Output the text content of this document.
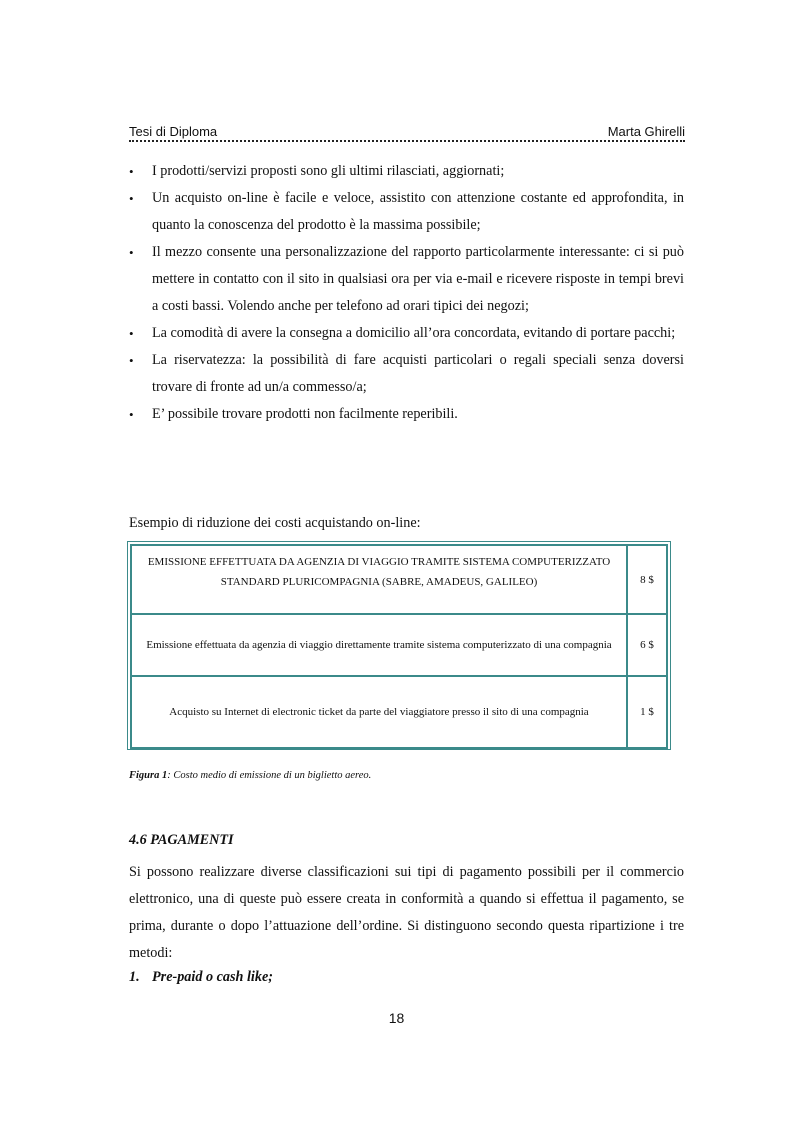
Tesi di Diploma	Marta Ghirelli
• I prodotti/servizi proposti sono gli ultimi rilasciati, aggiornati;
• Un acquisto on-line è facile e veloce, assistito con attenzione costante ed approfondita, in quanto la conoscenza del prodotto è la massima possibile;
• Il mezzo consente una personalizzazione del rapporto particolarmente interessante: ci si può mettere in contatto con il sito in qualsiasi ora per via e-mail e ricevere risposte in tempi brevi a costi bassi. Volendo anche per telefono ad orari tipici dei negozi;
• La comodità di avere la consegna a domicilio all’ora concordata, evitando di portare pacchi;
• La riservatezza: la possibilità di fare acquisti particolari o regali speciali senza doversi trovare di fronte ad un/a commesso/a;
• E’ possibile trovare prodotti non facilmente reperibili.
Esempio di riduzione dei costi acquistando on-line:
EMISSIONE EFFETTUATA DA AGENZIA DI VIAGGIO TRAMITE SISTEMA COMPUTERIZZATO
STANDARD PLURICOMPAGNIA (SABRE, AMADEUS, GALILEO)	8 $
Emissione effettuata da agenzia di viaggio direttamente tramite sistema computerizzato di una compagnia	6 $
Acquisto su Internet di electronic ticket da parte del viaggiatore presso il sito di una compagnia	1 $
Figura 1: Costo medio di emissione di un biglietto aereo.
4.6 PAGAMENTI

Si possono realizzare diverse classificazioni sui tipi di pagamento possibili per il commercio elettronico, una di queste può essere creata in conformità a quando si effettua il pagamento, se prima, durante o dopo l’attuazione dell’ordine. Si distinguono secondo questa ripartizione i tre metodi:

1. Pre-paid o cash like;
18
